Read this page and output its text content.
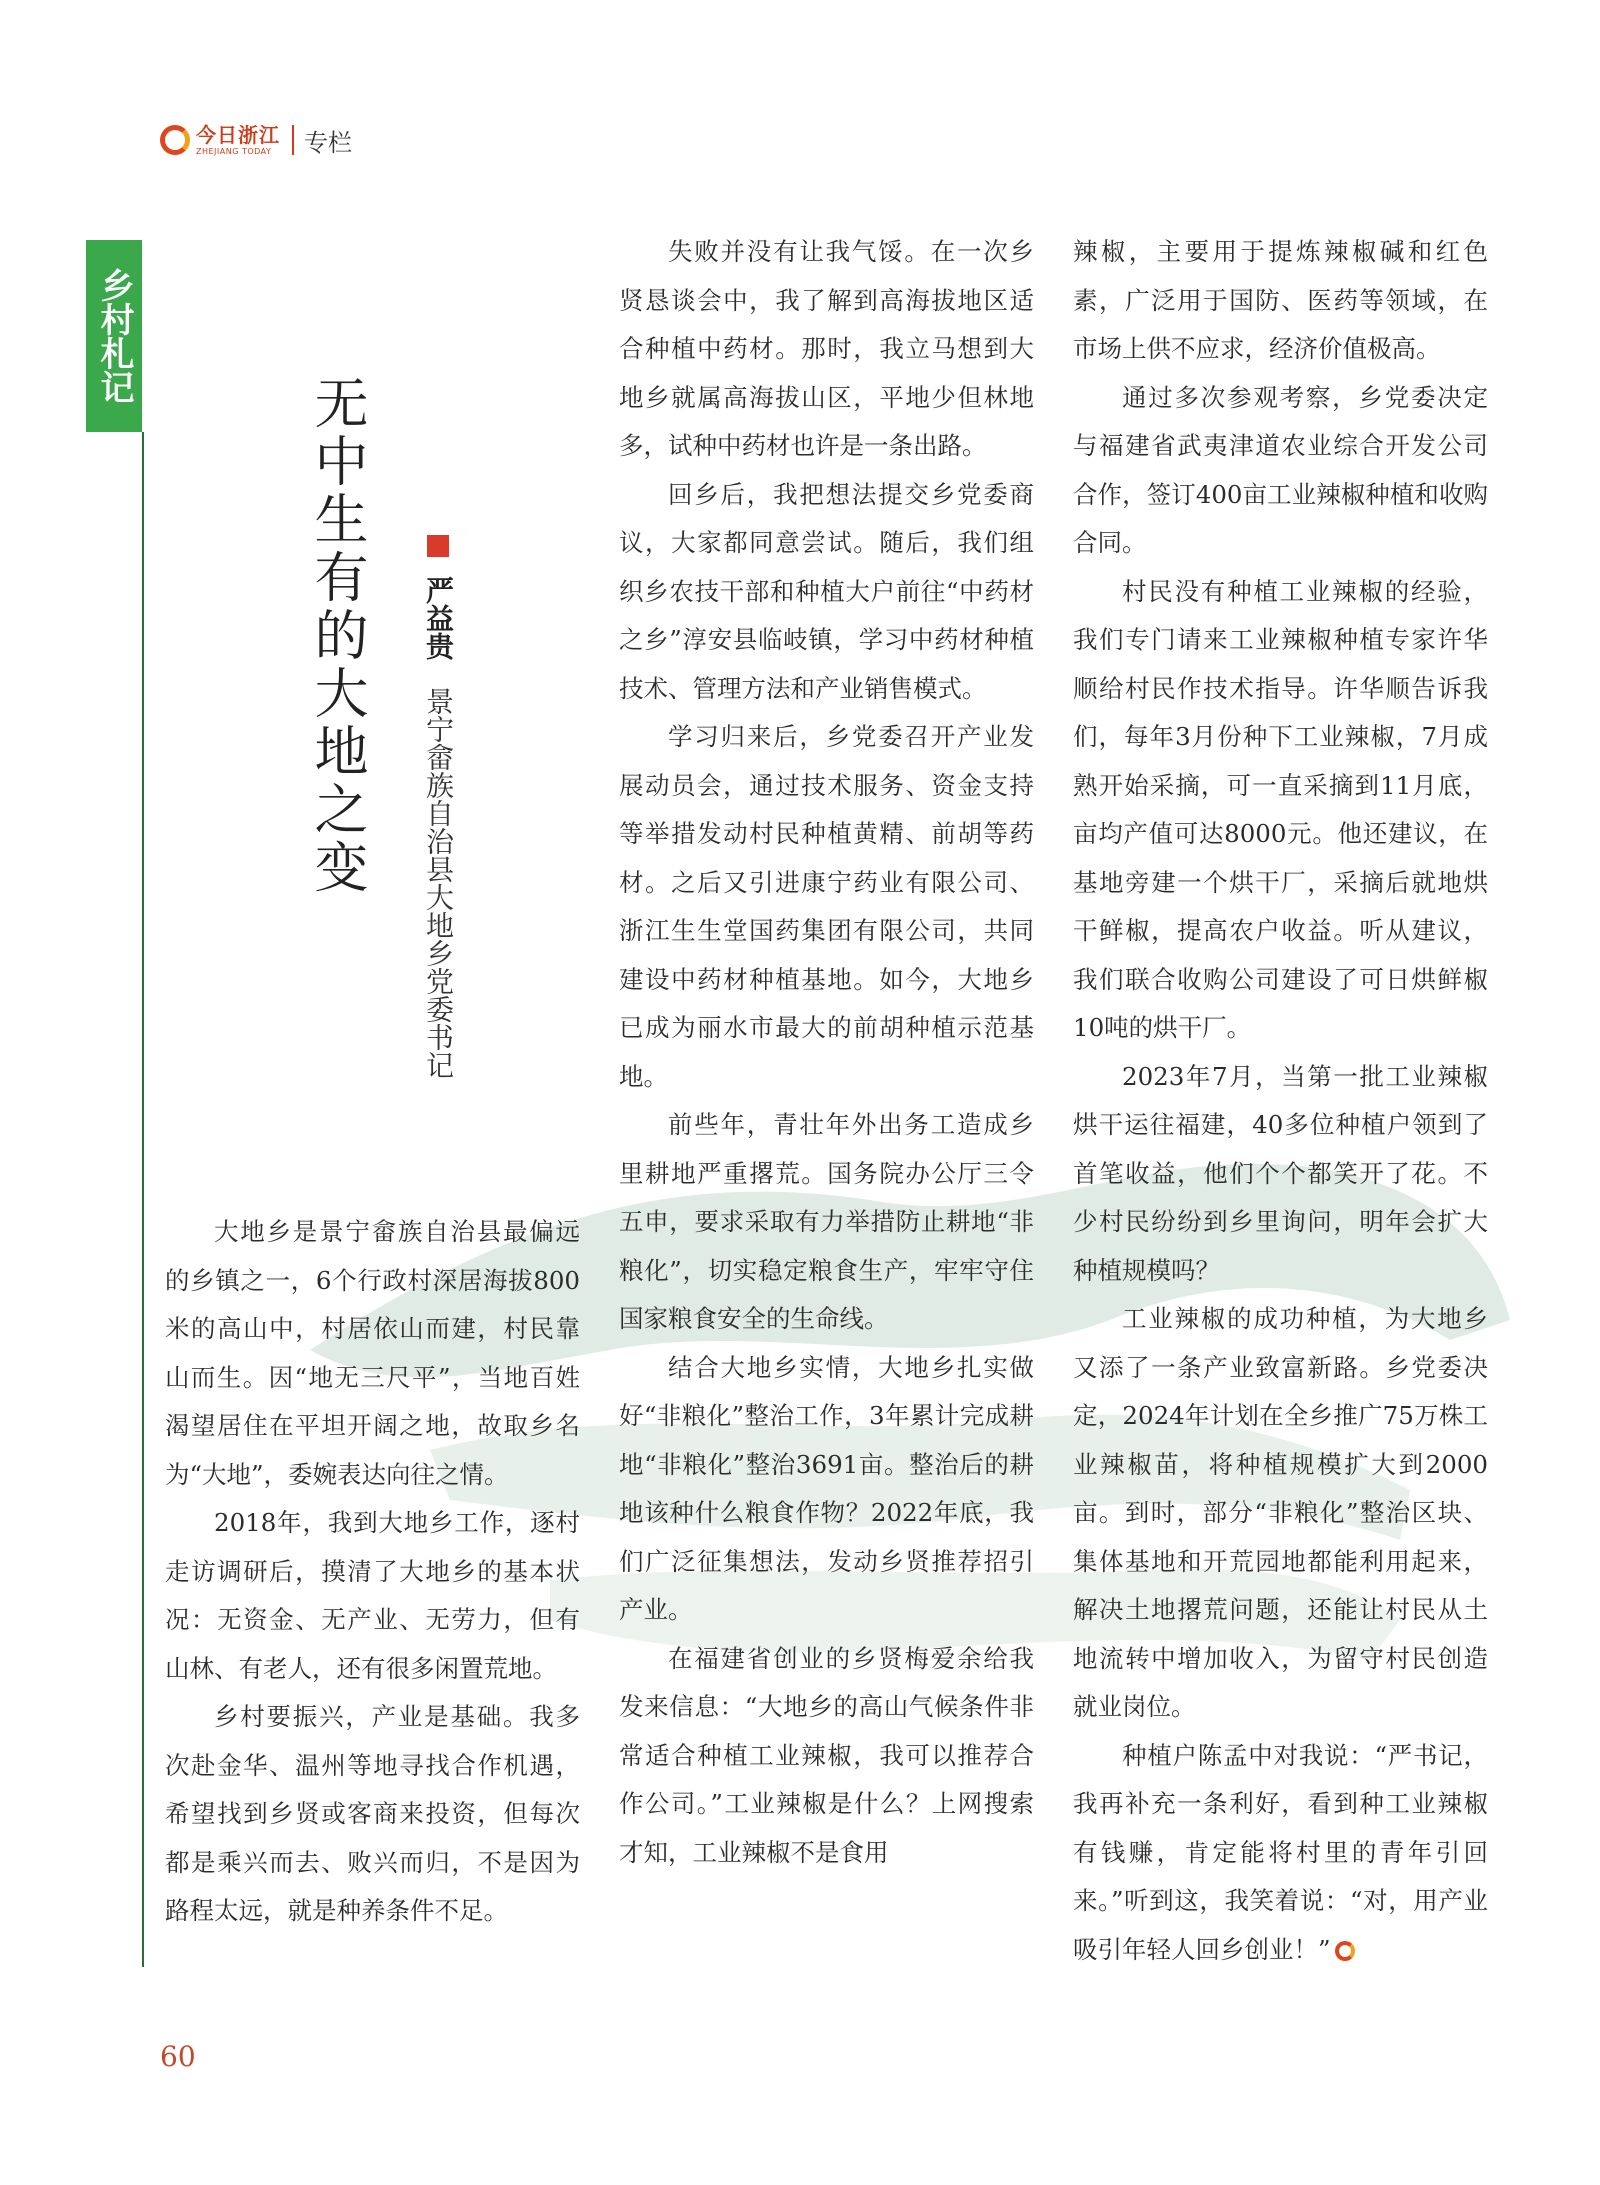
今日浙江
ZHEJIANG TODAY	专栏
乡村札记
无中生有的大地之变 严益贵 景宁畲族自治县大地乡党委书记

大地乡是景宁畲族自治县最偏远的乡镇之一，6个行政村深居海拔800米的高山中，村居依山而建，村民靠山而生。因“地无三尺平”，当地百姓渴望居住在平坦开阔之地，故取乡名为“大地”，委婉表达向往之情。

2018年，我到大地乡工作，逐村走访调研后，摸清了大地乡的基本状况：无资金、无产业、无劳力，但有山林、有老人，还有很多闲置荒地。

乡村要振兴，产业是基础。我多次赴金华、温州等地寻找合作机遇，希望找到乡贤或客商来投资，但每次都是乘兴而去、败兴而归，不是因为路程太远，就是种养条件不足。

失败并没有让我气馁。在一次乡贤恳谈会中，我了解到高海拔地区适合种植中药材。那时，我立马想到大地乡就属高海拔山区，平地少但林地多，试种中药材也许是一条出路。

回乡后，我把想法提交乡党委商议，大家都同意尝试。随后，我们组织乡农技干部和种植大户前往“中药材之乡”淳安县临岐镇，学习中药材种植技术、管理方法和产业销售模式。

学习归来后，乡党委召开产业发展动员会，通过技术服务、资金支持等举措发动村民种植黄精、前胡等药材。之后又引进康宁药业有限公司、浙江生生堂国药集团有限公司，共同建设中药材种植基地。如今，大地乡已成为丽水市最大的前胡种植示范基地。

前些年，青壮年外出务工造成乡里耕地严重撂荒。国务院办公厅三令五申，要求采取有力举措防止耕地“非粮化”，切实稳定粮食生产，牢牢守住国家粮食安全的生命线。

结合大地乡实情，大地乡扎实做好“非粮化”整治工作，3年累计完成耕地“非粮化”整治3691亩。整治后的耕地该种什么粮食作物？2022年底，我们广泛征集想法，发动乡贤推荐招引产业。

在福建省创业的乡贤梅爱余给我发来信息：“大地乡的高山气候条件非常适合种植工业辣椒，我可以推荐合作公司。”工业辣椒是什么？上网搜索才知，工业辣椒不是食用

辣椒，主要用于提炼辣椒碱和红色素，广泛用于国防、医药等领域，在市场上供不应求，经济价值极高。

通过多次参观考察，乡党委决定与福建省武夷津道农业综合开发公司合作，签订400亩工业辣椒种植和收购合同。

村民没有种植工业辣椒的经验，我们专门请来工业辣椒种植专家许华顺给村民作技术指导。许华顺告诉我们，每年3月份种下工业辣椒，7月成熟开始采摘，可一直采摘到11月底，亩均产值可达8000元。他还建议，在基地旁建一个烘干厂，采摘后就地烘干鲜椒，提高农户收益。听从建议，我们联合收购公司建设了可日烘鲜椒10吨的烘干厂。

2023年7月，当第一批工业辣椒烘干运往福建，40多位种植户领到了首笔收益，他们个个都笑开了花。不少村民纷纷到乡里询问，明年会扩大种植规模吗？

工业辣椒的成功种植，为大地乡又添了一条产业致富新路。乡党委决定，2024年计划在全乡推广75万株工业辣椒苗，将种植规模扩大到2000亩。到时，部分“非粮化”整治区块、集体基地和开荒园地都能利用起来，解决土地撂荒问题，还能让村民从土地流转中增加收入，为留守村民创造就业岗位。

种植户陈孟中对我说：“严书记，我再补充一条利好，看到种工业辣椒有钱赚，肯定能将村里的青年引回来。”听到这，我笑着说：“对，用产业吸引年轻人回乡创业！”

60
